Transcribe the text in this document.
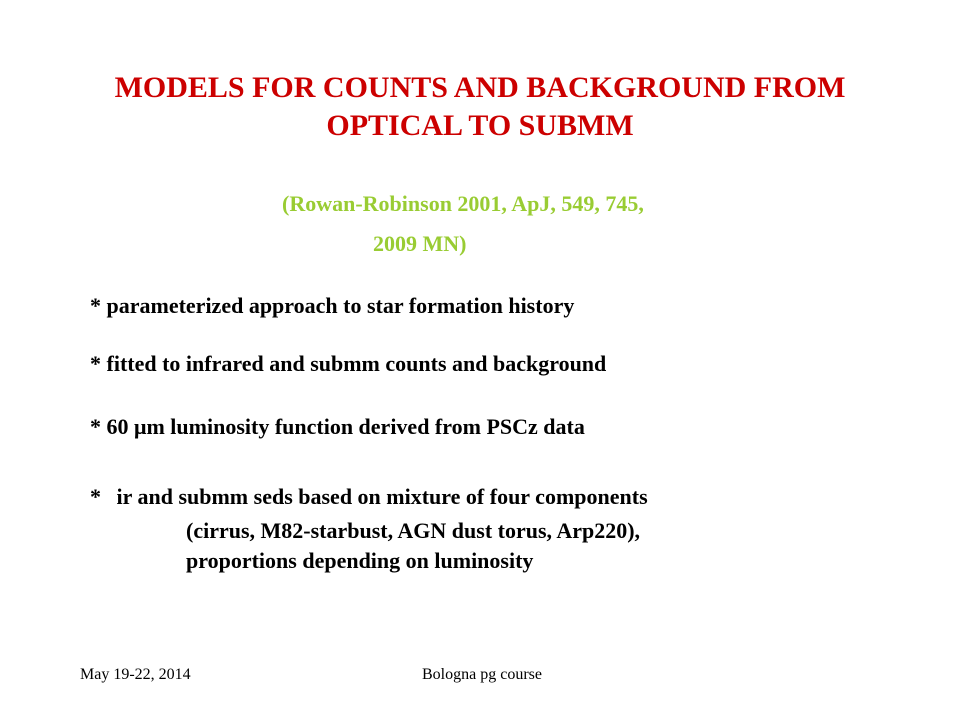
MODELS FOR COUNTS AND BACKGROUND FROM
OPTICAL TO SUBMM
(Rowan-Robinson 2001, ApJ, 549, 745,
2009 MN)
* parameterized approach to star formation history
* fitted to infrared and submm counts and background
* 60 μm luminosity function derived from PSCz data
* ir and submm seds based on mixture of four components
(cirrus, M82-starbust, AGN dust torus, Arp220),
proportions depending on luminosity
May 19-22, 2014	Bologna pg course
